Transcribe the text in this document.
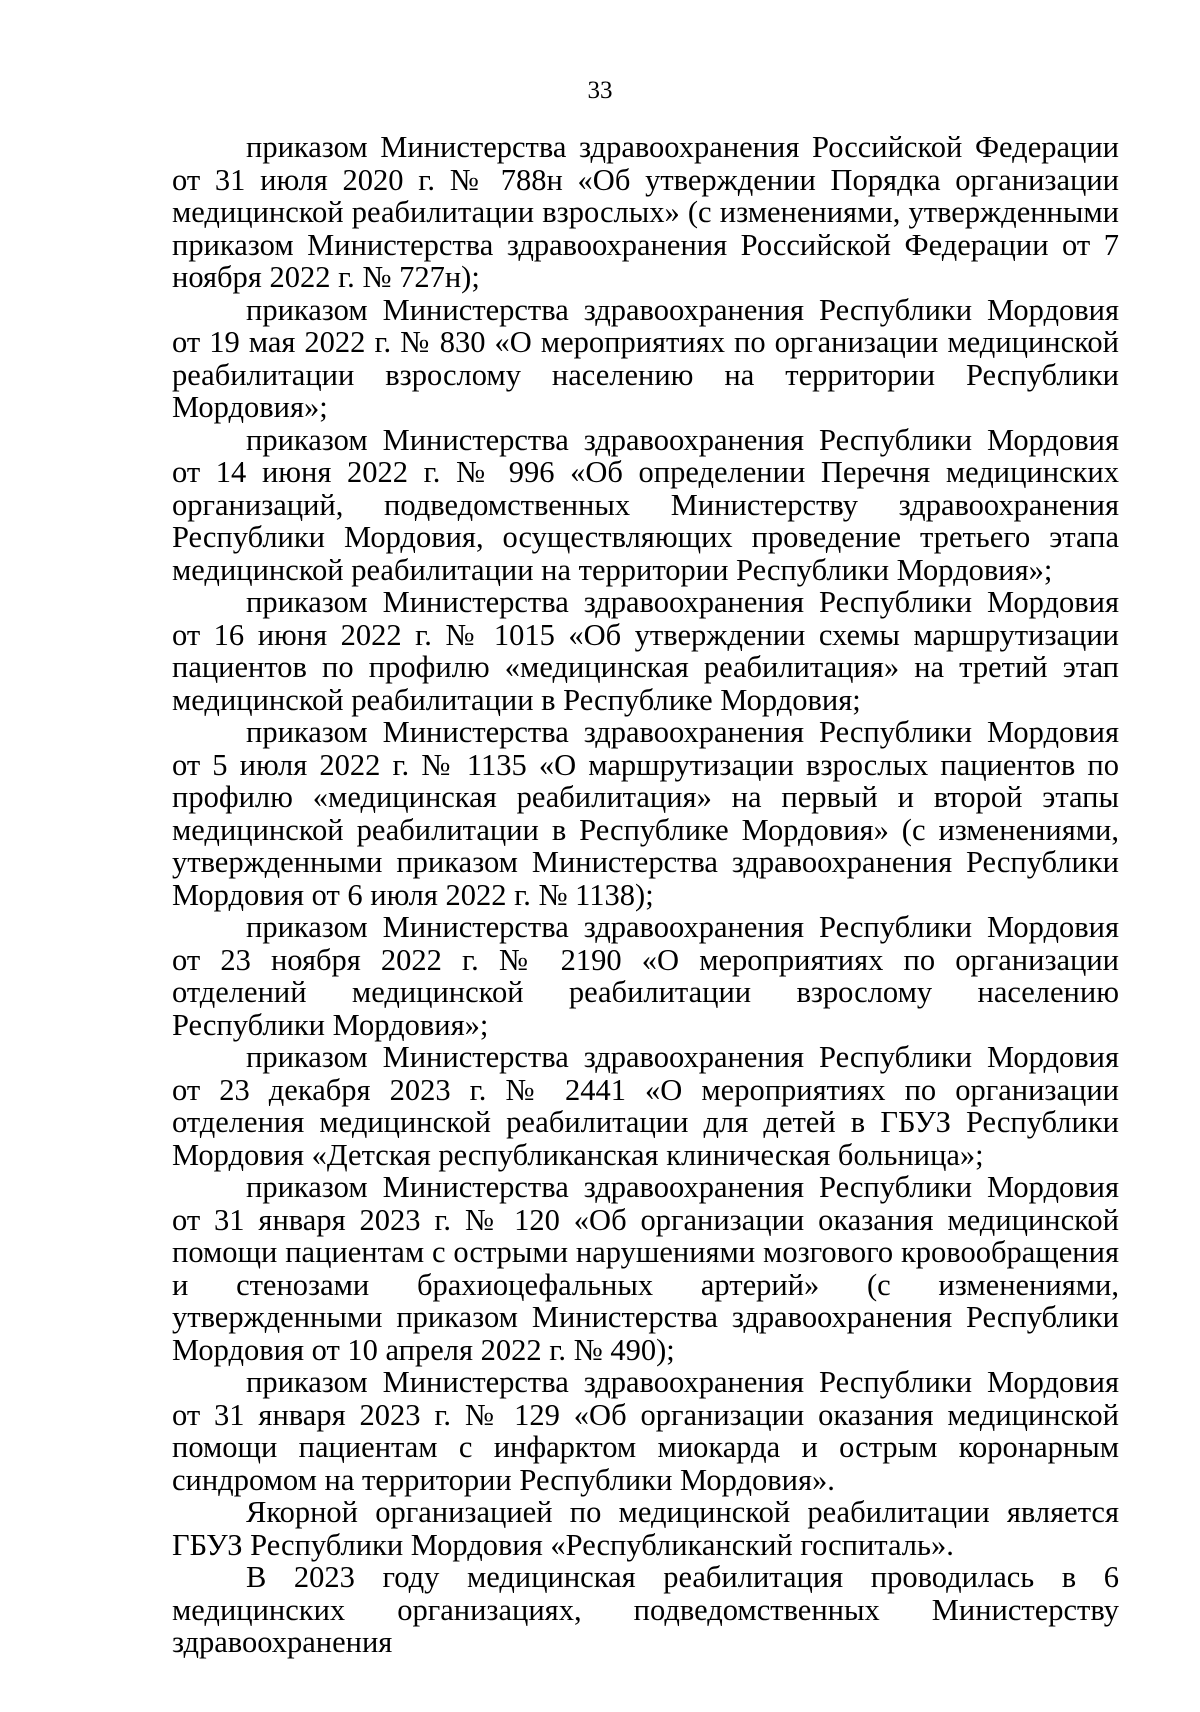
33

приказом Министерства здравоохранения Российской Федерации от 31 июля 2020 г. № 788н «Об утверждении Порядка организации медицинской реабилитации взрослых» (с изменениями, утвержденными приказом Министерства здравоохранения Российской Федерации от 7 ноября 2022 г. № 727н);

приказом Министерства здравоохранения Республики Мордовия от 19 мая 2022 г. № 830 «О мероприятиях по организации медицинской реабилитации взрослому населению на территории Республики Мордовия»;

приказом Министерства здравоохранения Республики Мордовия от 14 июня 2022 г. № 996 «Об определении Перечня медицинских организаций, подведомственных Министерству здравоохранения Республики Мордовия, осуществляющих проведение третьего этапа медицинской реабилитации на территории Республики Мордовия»;

приказом Министерства здравоохранения Республики Мордовия от 16 июня 2022 г. № 1015 «Об утверждении схемы маршрутизации пациентов по профилю «медицинская реабилитация» на третий этап медицинской реабилитации в Республике Мордовия;

приказом Министерства здравоохранения Республики Мордовия от 5 июля 2022 г. № 1135 «О маршрутизации взрослых пациентов по профилю «медицинская реабилитация» на первый и второй этапы медицинской реабилитации в Республике Мордовия» (с изменениями, утвержденными приказом Министерства здравоохранения Республики Мордовия от 6 июля 2022 г. № 1138);

приказом Министерства здравоохранения Республики Мордовия от 23 ноября 2022 г. № 2190 «О мероприятиях по организации отделений медицинской реабилитации взрослому населению Республики Мордовия»;

приказом Министерства здравоохранения Республики Мордовия от 23 декабря 2023 г. № 2441 «О мероприятиях по организации отделения медицинской реабилитации для детей в ГБУЗ Республики Мордовия «Детская республиканская клиническая больница»;

приказом Министерства здравоохранения Республики Мордовия от 31 января 2023 г. № 120 «Об организации оказания медицинской помощи пациентам с острыми нарушениями мозгового кровообращения и стенозами брахиоцефальных артерий» (с изменениями, утвержденными приказом Министерства здравоохранения Республики Мордовия от 10 апреля 2022 г. № 490);

приказом Министерства здравоохранения Республики Мордовия от 31 января 2023 г. № 129 «Об организации оказания медицинской помощи пациентам с инфарктом миокарда и острым коронарным синдромом на территории Республики Мордовия».

Якорной организацией по медицинской реабилитации является ГБУЗ Республики Мордовия «Республиканский госпиталь».

В 2023 году медицинская реабилитация проводилась в 6 медицинских организациях, подведомственных Министерству здравоохранения
